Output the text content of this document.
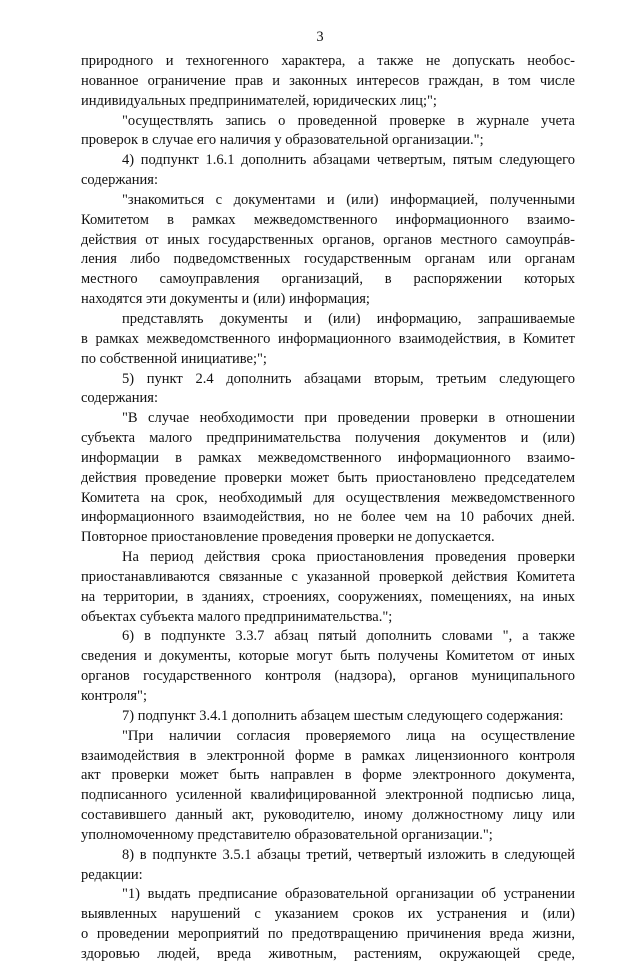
3
природного и техногенного характера, а также не допускать необос-
нованное ограничение прав и законных интересов граждан, в том числе
индивидуальных предпринимателей, юридических лиц;";
"осуществлять запись о проведенной проверке в журнале учета
проверок в случае его наличия у образовательной организации.";
4) подпункт 1.6.1 дополнить абзацами четвертым, пятым следующего
содержания:
"знакомиться с документами и (или) информацией, полученными
Комитетом в рамках межведомственного информационного взаимо-
действия от иных государственных органов, органов местного самоупрáв-
ления либо подведомственных государственным органам или органам
местного самоуправления организаций, в распоряжении которых
находятся эти документы и (или) информация;
представлять документы и (или) информацию, запрашиваемые
в рамках межведомственного информационного взаимодействия, в Комитет
по собственной инициативе;";
5) пункт 2.4 дополнить абзацами вторым, третьим следующего
содержания:
"В случае необходимости при проведении проверки в отношении
субъекта малого предпринимательства получения документов и (или)
информации в рамках межведомственного информационного взаимо-
действия проведение проверки может быть приостановлено председателем
Комитета на срок, необходимый для осуществления межведомственного
информационного взаимодействия, но не более чем на 10 рабочих дней.
Повторное приостановление проведения проверки не допускается.
На период действия срока приостановления проведения проверки
приостанавливаются связанные с указанной проверкой действия Комитета
на территории, в зданиях, строениях, сооружениях, помещениях, на иных
объектах субъекта малого предпринимательства.";
6) в подпункте 3.3.7 абзац пятый дополнить словами ", а также
сведения и документы, которые могут быть получены Комитетом от иных
органов государственного контроля (надзора), органов муниципального
контроля";
7) подпункт 3.4.1 дополнить абзацем шестым следующего содержания:
"При наличии согласия проверяемого лица на осуществление
взаимодействия в электронной форме в рамках лицензионного контроля
акт проверки может быть направлен в форме электронного документа,
подписанного усиленной квалифицированной электронной подписью лица,
составившего данный акт, руководителю, иному должностному лицу или
уполномоченному представителю образовательной организации.";
8) в подпункте 3.5.1 абзацы третий, четвертый изложить в следующей
редакции:
"1) выдать предписание образовательной организации об устранении
выявленных нарушений с указанием сроков их устранения и (или)
о проведении мероприятий по предотвращению причинения вреда жизни,
здоровью людей, вреда животным, растениям, окружающей среде,
